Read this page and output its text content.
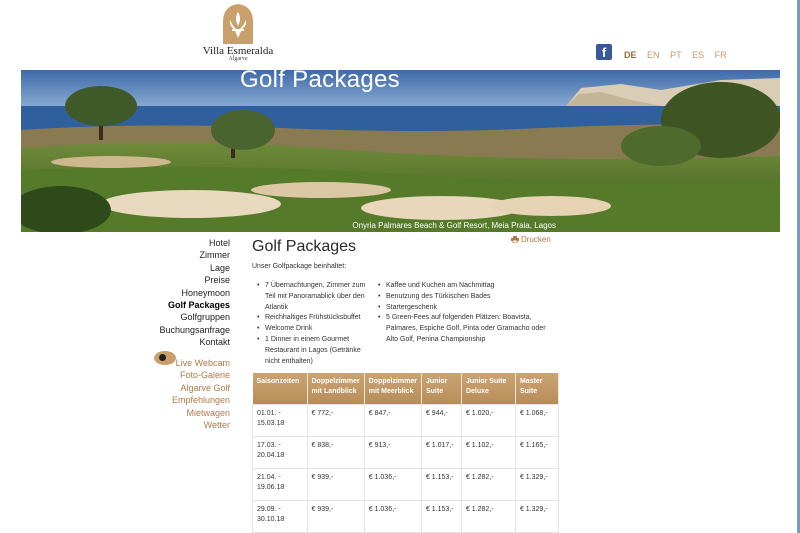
Villa Esmeralda
Algarve	f	DE EN PT ES FR
Golf Packages
Onyria Palmares Beach & Golf Resort, Meia Praia, Lagos
Hotel
Zimmer
Lage
Preise
Honeymoon
Golf Packages
Golfgruppen
Buchungsanfrage
Kontakt
Live Webcam
Foto-Galerie
Algarve Golf
Empfehlungen
Mietwagen
Wetter
Golf Packages	Drucken
Unser Golfpackage beinhaltet:
• 7 Übernachtungen, Zimmer zum Teil mit Panoramablick über den Atlantik
• Reichhaltiges Frühstücksbuffet
• Welcome Drink
• 1 Dinner in einem Gourmet Restaurant in Lagos (Getränke nicht enthalten)
• Kaffee und Kuchen am Nachmittag
• Benutzung des Türkischen Bades
• Startergeschenk
• 5 Green-Fees auf folgenden Plätzen: Boavista, Palmares, Espiche Golf, Pinta oder Gramacho oder Alto Golf, Penina Championship
Saisonzeiten	Doppelzimmer mit Landblick	Doppelzimmer mit Meerblick	Junior Suite	Junior Suite Deluxe	Master Suite
01.01. - 15.03.18	€ 772,-	€ 847,-	€ 944,-	€ 1.020,-	€ 1.068,-
17.03. - 20.04.18	€ 838,-	€ 913,-	€ 1.017,-	€ 1.102,-	€ 1.165,-
21.04. - 19.06.18	€ 939,-	€ 1.036,-	€ 1.153,-	€ 1.282,-	€ 1.329,-
29.09. - 30.10.18	€ 939,-	€ 1.036,-	€ 1.153,-	€ 1.282,-	€ 1.329,-
